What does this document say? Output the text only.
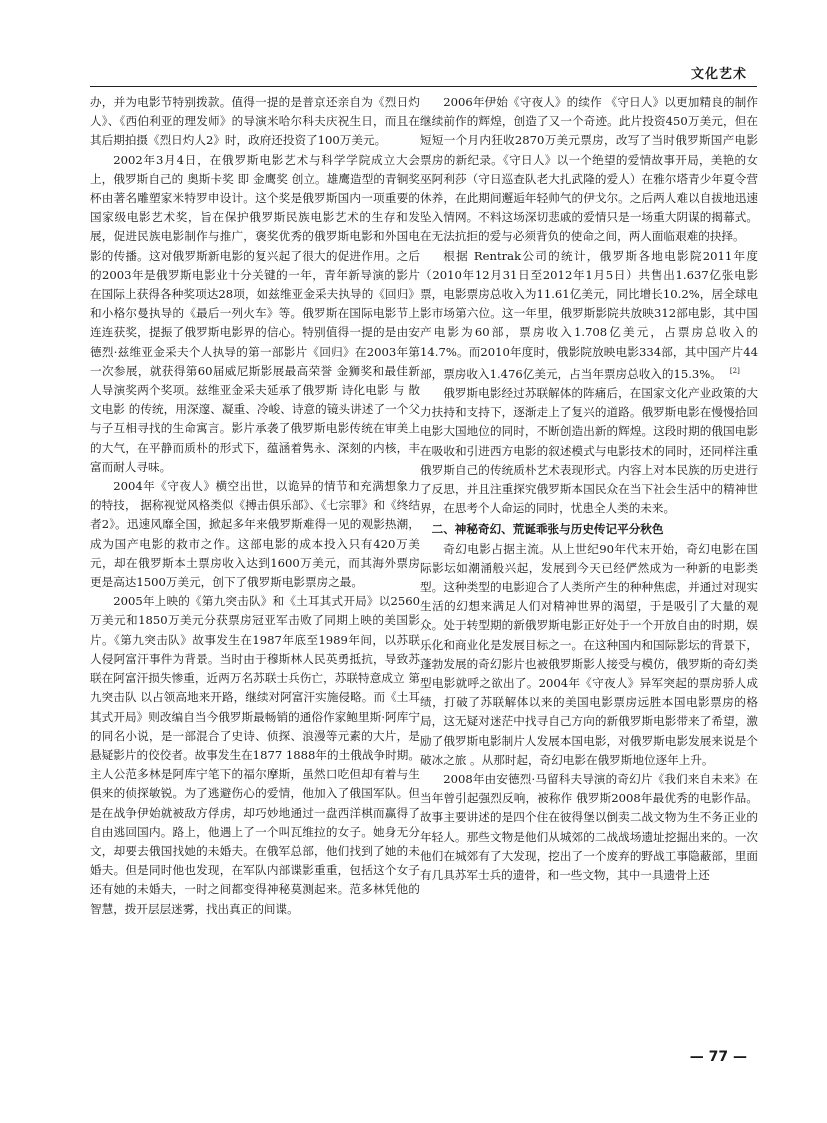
文化艺术

办，并为电影节特别拨款。值得一提的是普京还亲自为《烈日灼人》、《西伯利亚的理发师》的导演米哈尔科夫庆祝生日，而且在其后期拍摄《烈日灼人2》时，政府还投资了100万美元。

2002年3月4日，在俄罗斯电影艺术与科学学院成立大会上，俄罗斯自己的 奥斯卡奖 即 金鹰奖 创立。雄鹰造型的青铜奖杯由著名雕塑家米特罗申设计。这个奖是俄罗斯国内一项重要的国家级电影艺术奖，旨在保护俄罗斯民族电影艺术的生存和发展，促进民族电影制作与推广，褒奖优秀的俄罗斯电影和外国电影的传播。这对俄罗斯新电影的复兴起了很大的促进作用。之后的2003年是俄罗斯电影业十分关键的一年，青年新导演的影片在国际上获得各种奖项达28项，如兹维亚金采夫执导的《回归》和小格尔曼执导的《最后一列火车》等。俄罗斯在国际电影节上连连获奖，提振了俄罗斯电影界的信心。特别值得一提的是由安德烈·兹维亚金采夫个人执导的第一部影片《回归》在2003年第一次参展，就获得第60届威尼斯影展最高荣誉 金狮奖和最佳新人导演奖两个奖项。兹维亚金采夫延承了俄罗斯 诗化电影 与 散文电影 的传统，用深邃、凝重、冷峻、诗意的镜头讲述了一个父与子互相寻找的生命寓言。影片承袭了俄罗斯电影传统在审美上的大气，在平静而质朴的形式下，蕴涵着隽永、深刻的内核，丰富而耐人寻味。

2004年《守夜人》横空出世，以诡异的情节和充满想象力的特技， 据称视觉风格类似《搏击俱乐部》、《七宗罪》和《终结者2》。迅速风靡全国，掀起多年来俄罗斯难得一见的观影热潮，成为国产电影的救市之作。这部电影的成本投入只有420万美元，却在俄罗斯本土票房收入达到1600万美元，而其海外票房更是高达1500万美元，创下了俄罗斯电影票房之最。

2005年上映的《第九突击队》和《土耳其式开局》以2560万美元和1850万美元分获票房冠亚军击败了同期上映的美国影片。《第九突击队》故事发生在1987年底至1989年间，以苏联人侵阿富汗事件为背景。当时由于穆斯林人民英勇抵抗，导致苏联在阿富汗损失惨重，近两万名苏联士兵伤亡，苏联特意成立 第九突击队 以占领高地来开路，继续对阿富汗实施侵略。而《土耳其式开局》则改编自当今俄罗斯最畅销的通俗作家鲍里斯·阿库宁的同名小说，是一部混合了史诗、侦探、浪漫等元素的大片，是悬疑影片的佼佼者。故事发生在1877 1888年的土俄战争时期。主人公范多林是阿库宁笔下的福尔摩斯，虽然口吃但却有着与生俱来的侦探敏锐。为了逃避伤心的爱情，他加入了俄国军队。但是在战争伊始就被敌方俘虏，却巧妙地通过一盘西洋棋而赢得了自由逃回国内。路上，他遇上了一个叫瓦维拉的女子。她身无分文，却要去俄国找她的未婚夫。在俄军总部，他们找到了她的未婚夫。但是同时他也发现，在军队内部谍影重重，包括这个女子还有她的未婚夫，一时之间都变得神秘莫测起来。范多林凭他的智慧，拨开层层迷雾，找出真正的间谍。

2006年伊始《守夜人》的续作 《守日人》以更加精良的制作继续前作的辉煌，创造了又一个奇迹。此片投资450万美元，但在短短一个月内狂收2870万美元票房，改写了当时俄罗斯国产电影票房的新纪录。《守日人》以一个绝望的爱情故事开局，美艳的女巫阿利莎（守日巡查队老大扎武隆的爱人）在雅尔塔青少年夏令营休养，在此期间邂逅年轻帅气的伊戈尔。之后两人难以自拔地迅速坠入情网。不料这场深切悲戚的爱情只是一场重大阴谋的揭幕式。在无法抗拒的爱与必须背负的使命之间，两人面临艰难的抉择。

根据 Rentrak公司的统计，俄罗斯各地电影院2011年度（2010年12月31日至2012年1月5日）共售出1.637亿张电影票，电影票房总收入为11.61亿美元，同比增长10.2%，居全球电影市场第六位。这一年里，俄罗斯影院共放映312部电影，其中国产电影为60部，票房收入1.708亿美元，占票房总收入的14.7%。而2010年度时，俄影院放映电影334部，其中国产片44部，票房收入1.476亿美元，占当年票房总收入的15.3%。 [2]

俄罗斯电影经过苏联解体的阵痛后，在国家文化产业政策的大力扶持和支持下，逐渐走上了复兴的道路。俄罗斯电影在慢慢拾回电影大国地位的同时，不断创造出新的辉煌。这段时期的俄国电影在吸收和引进西方电影的叙述模式与电影技术的同时，还同样注重俄罗斯自己的传统质朴艺术表现形式。内容上对本民族的历史进行了反思，并且注重探究俄罗斯本国民众在当下社会生活中的精神世界，在思考个人命运的同时，忧患全人类的未来。

二、神秘奇幻、荒诞乖张与历史传记平分秋色

奇幻电影占据主流。从上世纪90年代末开始，奇幻电影在国际影坛如潮涌般兴起，发展到今天已经俨然成为一种新的电影类型。这种类型的电影迎合了人类所产生的种种焦虑，并通过对现实生活的幻想来满足人们对精神世界的渴望，于是吸引了大量的观众。处于转型期的新俄罗斯电影正好处于一个开放自由的时期，娱乐化和商业化是发展目标之一。在这种国内和国际影坛的背景下，蓬勃发展的奇幻影片也被俄罗斯影人接受与模仿，俄罗斯的奇幻类型电影就呼之欲出了。2004年《守夜人》异军突起的票房骄人成绩，打破了苏联解体以来的美国电影票房远胜本国电影票房的格局，这无疑对迷茫中找寻自己方向的新俄罗斯电影带来了希望，激励了俄罗斯电影制片人发展本国电影，对俄罗斯电影发展来说是个 破冰之旅 。从那时起，奇幻电影在俄罗斯地位逐年上升。

2008年由安德烈·马留科夫导演的奇幻片《我们来自未来》在当年曾引起强烈反响，被称作 俄罗斯2008年最优秀的电影作品。 故事主要讲述的是四个住在彼得堡以倒卖二战文物为生不务正业的年轻人。那些文物是他们从城郊的二战战场遗址挖掘出来的。一次他们在城郊有了大发现，挖出了一个废弃的野战工事隐蔽部，里面有几具苏军士兵的遗骨，和一些文物，其中一具遗骨上还

— 77 —
